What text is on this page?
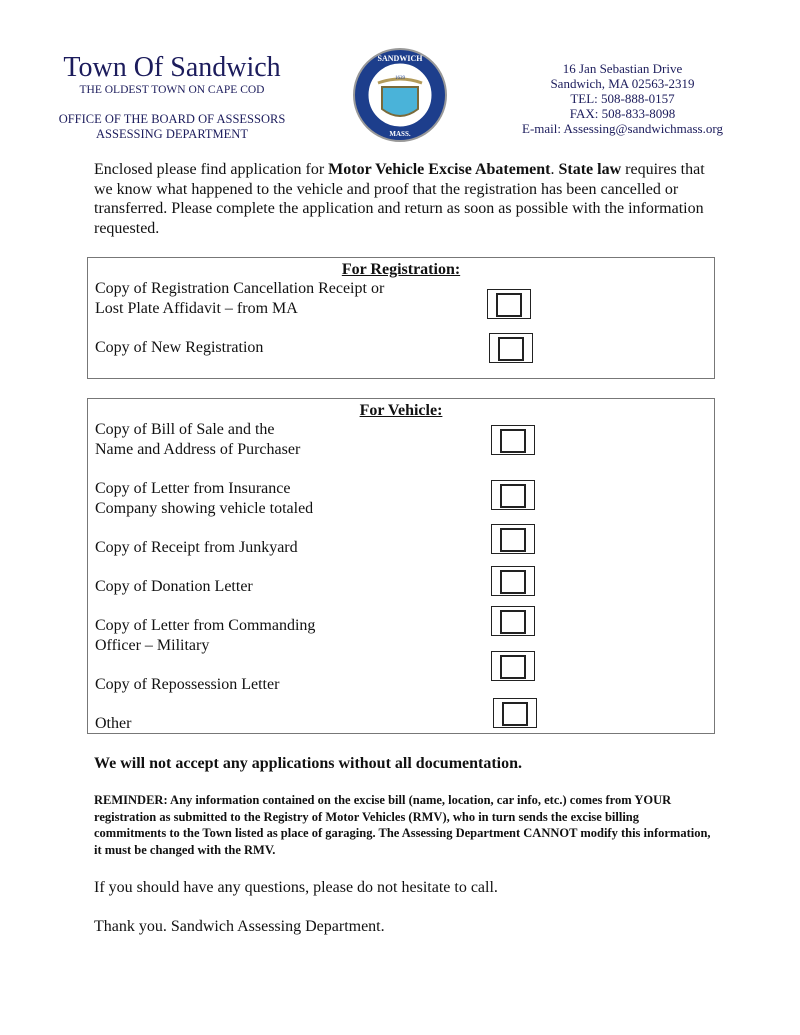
Town Of Sandwich
THE OLDEST TOWN ON CAPE COD
OFFICE OF THE BOARD OF ASSESSORS
ASSESSING DEPARTMENT
1639
SANDWICH
MASS.
16 Jan Sebastian Drive
Sandwich, MA 02563-2319
TEL: 508-888-0157
FAX: 508-833-8098
E-mail: Assessing@sandwichmass.org
Enclosed please find application for Motor Vehicle Excise Abatement. State law requires that we know what happened to the vehicle and proof that the registration has been cancelled or transferred. Please complete the application and return as soon as possible with the information requested.
For Registration:
Copy of Registration Cancellation Receipt or
Lost Plate Affidavit – from MA
Copy of New Registration
For Vehicle:
Copy of Bill of Sale and the
Name and Address of Purchaser
Copy of Letter from Insurance
Company showing vehicle totaled
Copy of Receipt from Junkyard
Copy of Donation Letter
Copy of Letter from Commanding
Officer – Military
Copy of Repossession Letter
Other
We will not accept any applications without all documentation.
REMINDER: Any information contained on the excise bill (name, location, car info, etc.) comes from YOUR registration as submitted to the Registry of Motor Vehicles (RMV), who in turn sends the excise billing commitments to the Town listed as place of garaging. The Assessing Department CANNOT modify this information, it must be changed with the RMV.
If you should have any questions, please do not hesitate to call.
Thank you. Sandwich Assessing Department.
